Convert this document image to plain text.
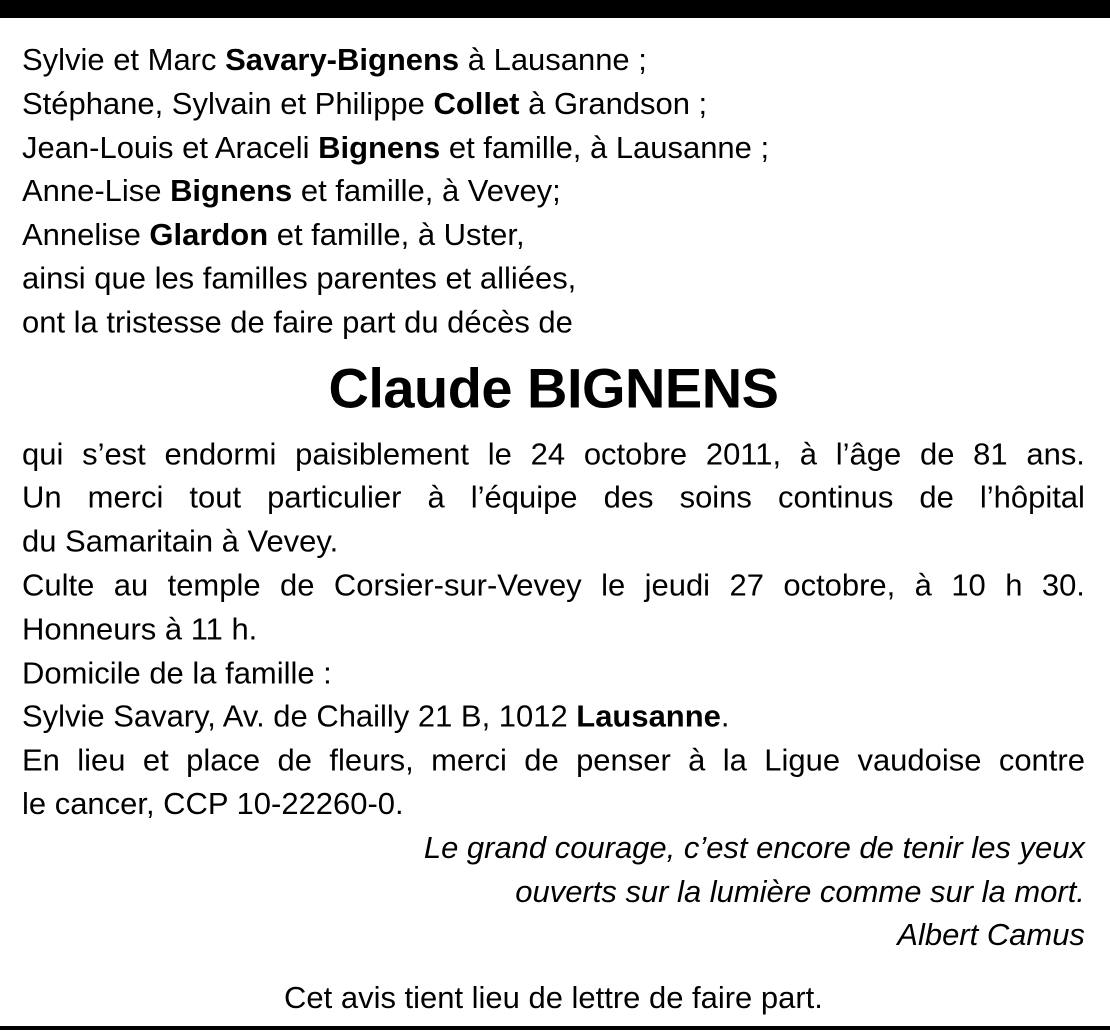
Sylvie et Marc Savary-Bignens à Lausanne ;
Stéphane, Sylvain et Philippe Collet à Grandson ;
Jean-Louis et Araceli Bignens et famille, à Lausanne ;
Anne-Lise Bignens et famille, à Vevey;
Annelise Glardon et famille, à Uster,
ainsi que les familles parentes et alliées,
ont la tristesse de faire part du décès de
Claude BIGNENS
qui s’est endormi paisiblement le 24 octobre 2011, à l’âge de 81 ans.
Un merci tout particulier à l’équipe des soins continus de l’hôpital
du Samaritain à Vevey.
Culte au temple de Corsier-sur-Vevey le jeudi 27 octobre, à 10 h 30.
Honneurs à 11 h.
Domicile de la famille :
Sylvie Savary, Av. de Chailly 21 B, 1012 Lausanne.
En lieu et place de fleurs, merci de penser à la Ligue vaudoise contre
le cancer, CCP 10-22260-0.
Le grand courage, c’est encore de tenir les yeux
ouverts sur la lumière comme sur la mort.
Albert Camus
Cet avis tient lieu de lettre de faire part.
